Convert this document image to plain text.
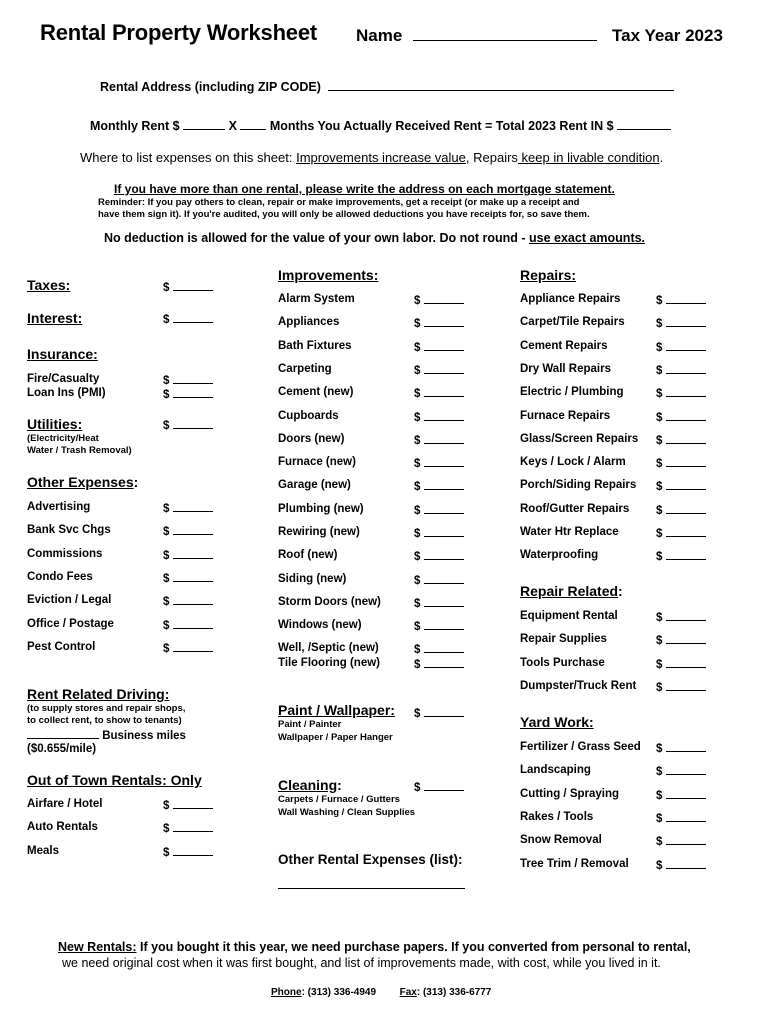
Rental Property Worksheet Name	Tax Year 2023
Rental Address (including ZIP CODE)
Monthly Rent $	X	Months You Actually Received Rent = Total 2023 Rent IN $
Where to list expenses on this sheet: Improvements increase value, Repairs keep in livable condition.
If you have more than one rental, please write the address on each mortgage statement.
Reminder: If you pay others to clean, repair or make improvements, get a receipt (or make up a receipt and
have them sign it). If you're audited, you will only be allowed deductions you have receipts for, so save them.
No deduction is allowed for the value of your own labor. Do not round - use exact amounts.
Taxes:	$
Interest:	$
Insurance:
Fire/Casualty	$
Loan Ins (PMI)	$
Utilities:	$
(Electricity/Heat
Water / Trash Removal)
Other Expenses:
Advertising	$
Bank Svc Chgs	$
Commissions	$
Condo Fees	$
Eviction / Legal	$
Office / Postage	$
Pest Control	$
Rent Related Driving:
(to supply stores and repair shops,
to collect rent, to show to tenants)
Business miles
($0.655/mile)
Out of Town Rentals: Only
Airfare / Hotel	$
Auto Rentals	$
Meals	$
Improvements:
Alarm System	$
Appliances	$
Bath Fixtures	$
Carpeting	$
Cement (new)	$
Cupboards	$
Doors (new)	$
Furnace (new)	$
Garage (new)	$
Plumbing (new)	$
Rewiring (new)	$
Roof (new)	$
Siding (new)	$
Storm Doors (new)	$
Windows (new)	$
Well, /Septic (new)	$
Tile Flooring (new)	$
Paint / Wallpaper: $
Paint / Painter
Wallpaper / Paper Hanger
Cleaning:	$
Carpets / Furnace / Gutters
Wall Washing / Clean Supplies
Other Rental Expenses (list):
Repairs:
Appliance Repairs	$
Carpet/Tile Repairs	$
Cement Repairs	$
Dry Wall Repairs	$
Electric / Plumbing	$
Furnace Repairs	$
Glass/Screen Repairs $
Keys / Lock / Alarm	$
Porch/Siding Repairs $
Roof/Gutter Repairs $
Water Htr Replace	$
Waterproofing	$
Repair Related:
Equipment Rental	$
Repair Supplies	$
Tools Purchase	$
Dumpster/Truck Rent $
Yard Work:
Fertilizer / Grass Seed $
Landscaping	$
Cutting / Spraying	$
Rakes / Tools	$
Snow Removal	$
Tree Trim / Removal $
New Rentals: If you bought it this year, we need purchase papers. If you converted from personal to rental,
we need original cost when it was first bought, and list of improvements made, with cost, while you lived in it.
Phone: (313) 336-4949 Fax: (313) 336-6777
